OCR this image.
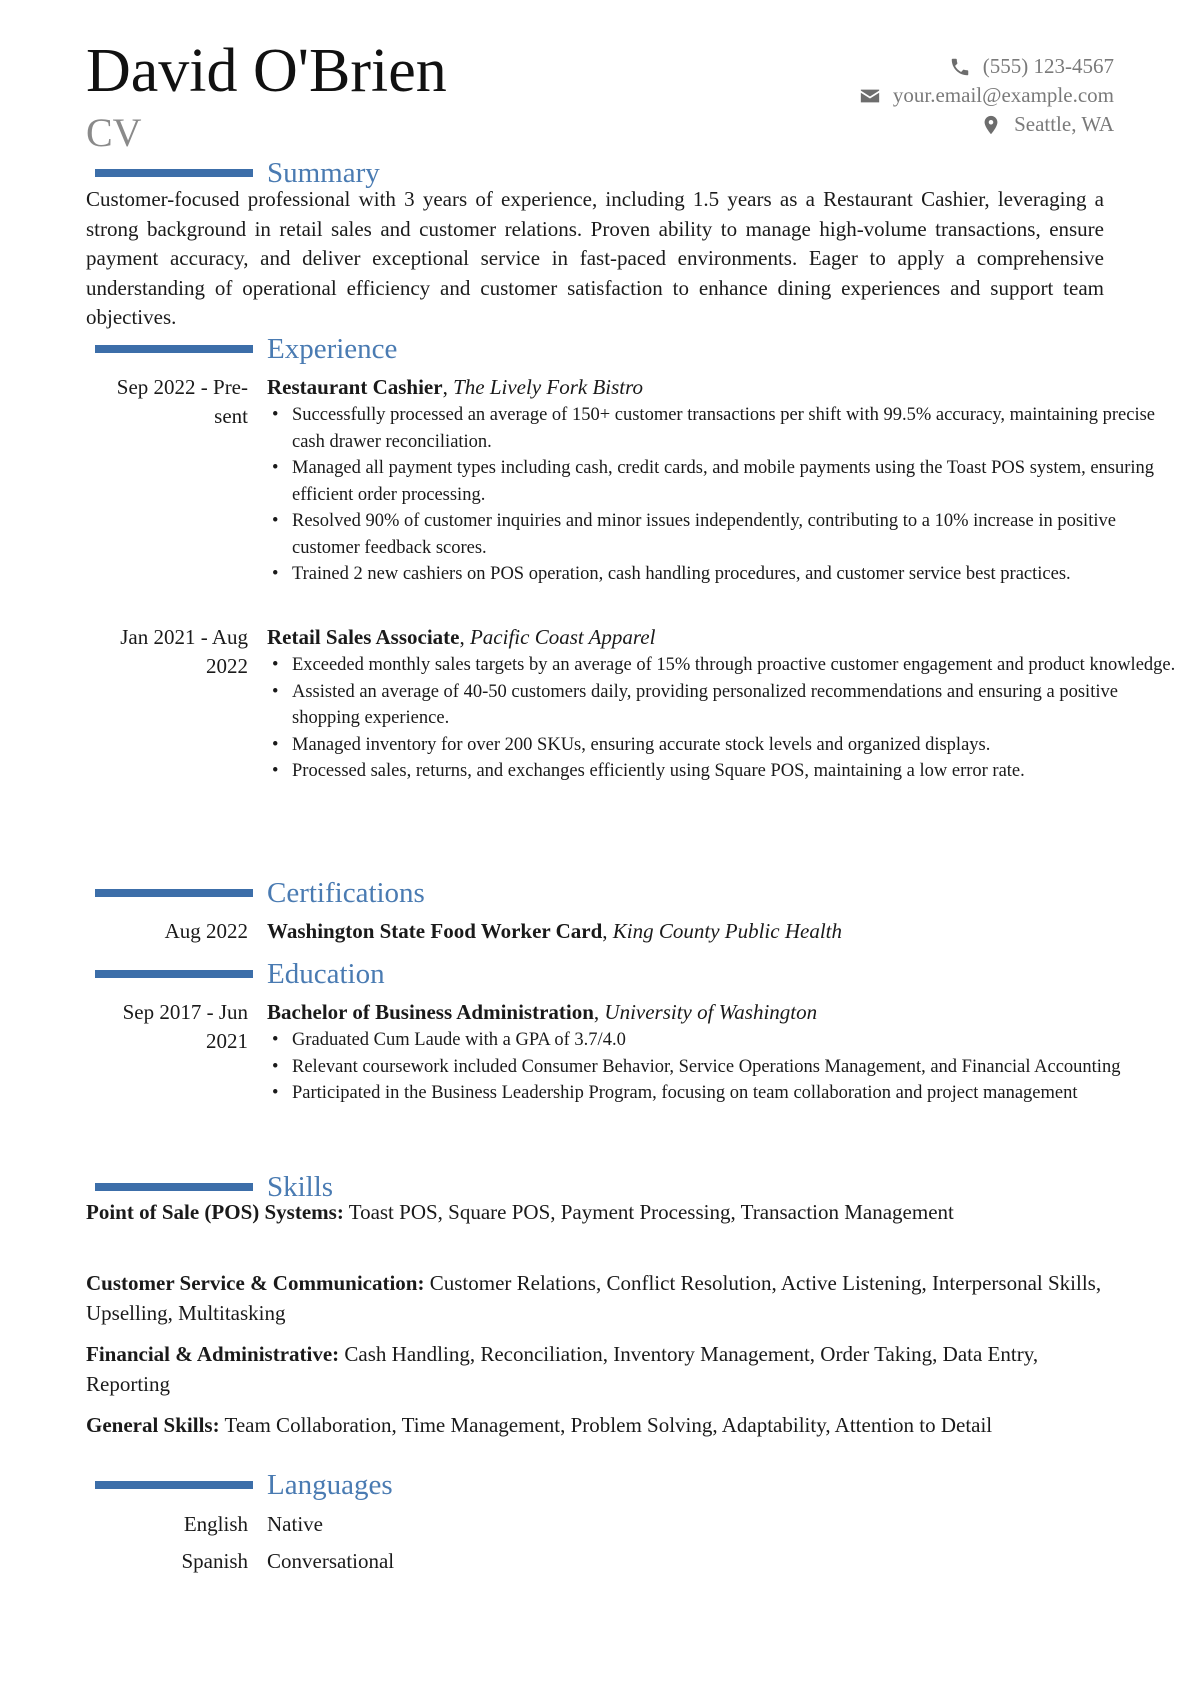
David O'Brien
CV
(555) 123-4567
your.email@example.com
Seattle, WA
Summary

Customer-focused professional with 3 years of experience, including 1.5 years as a Restaurant Cashier, leveraging a strong background in retail sales and customer relations. Proven ability to manage high-volume transactions, ensure payment accuracy, and deliver exceptional service in fast-paced environments. Eager to apply a comprehensive understanding of operational efficiency and customer satisfaction to enhance dining experiences and support team objectives.

Experience
Sep 2022 - Pre-
sent
Restaurant Cashier, The Lively Fork Bistro
• Successfully processed an average of 150+ customer transactions per shift with 99.5% accuracy, maintaining precise cash drawer reconciliation.
• Managed all payment types including cash, credit cards, and mobile payments using the Toast POS system, ensuring efficient order processing.
• Resolved 90% of customer inquiries and minor issues independently, contributing to a 10% increase in positive customer feedback scores.
• Trained 2 new cashiers on POS operation, cash handling procedures, and customer service best practices.
Jan 2021 - Aug
2022
Retail Sales Associate, Pacific Coast Apparel
• Exceeded monthly sales targets by an average of 15% through proactive customer engagement and product knowledge.
• Assisted an average of 40-50 customers daily, providing personalized recommendations and ensuring a positive shopping experience.
• Managed inventory for over 200 SKUs, ensuring accurate stock levels and organized displays.
• Processed sales, returns, and exchanges efficiently using Square POS, maintaining a low error rate.
Certifications
Aug 2022 Washington State Food Worker Card, King County Public Health
Education
Sep 2017 - Jun
2021
Bachelor of Business Administration, University of Washington
• Graduated Cum Laude with a GPA of 3.7/4.0
• Relevant coursework included Consumer Behavior, Service Operations Management, and Financial Accounting
• Participated in the Business Leadership Program, focusing on team collaboration and project management
Skills

Point of Sale (POS) Systems: Toast POS, Square POS, Payment Processing, Transaction Management

Customer Service & Communication: Customer Relations, Conflict Resolution, Active Listening, Interpersonal Skills, Upselling, Multitasking

Financial & Administrative: Cash Handling, Reconciliation, Inventory Management, Order Taking, Data Entry, Reporting

General Skills: Team Collaboration, Time Management, Problem Solving, Adaptability, Attention to Detail

Languages
English Native
Spanish Conversational
